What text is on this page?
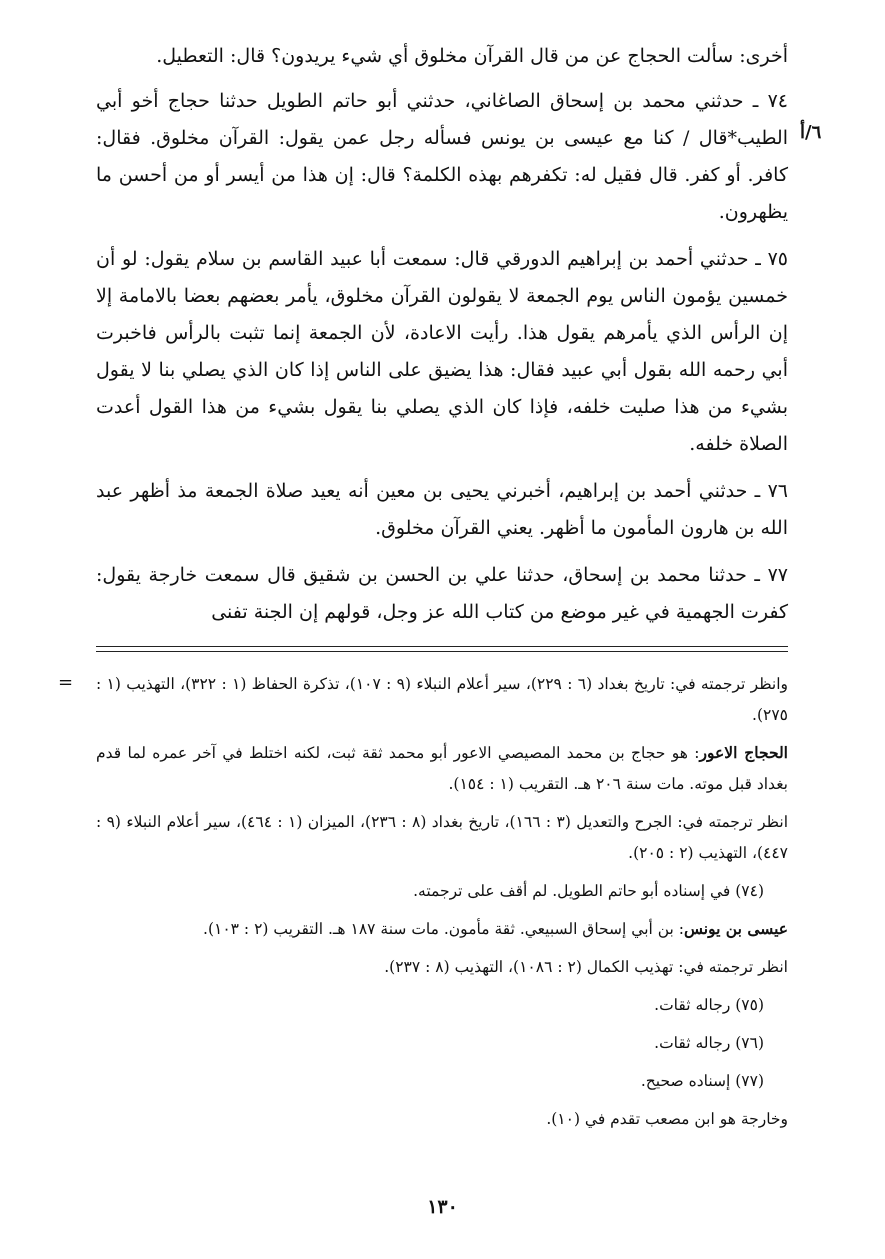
٦/أ

أخرى: سألت الحجاج عن من قال القرآن مخلوق أي شيء يريدون؟ قال: التعطيل.

٧٤ ـ حدثني محمد بن إسحاق الصاغاني، حدثني أبو حاتم الطويل حدثنا حجاج أخو أبي الطيب*قال / كنا مع عيسى بن يونس فسأله رجل عمن يقول: القرآن مخلوق. فقال: كافر. أو كفر. قال فقيل له: تكفرهم بهذه الكلمة؟ قال: إن هذا من أيسر أو من أحسن ما يظهرون.

٧٥ ـ حدثني أحمد بن إبراهيم الدورقي قال: سمعت أبا عبيد القاسم بن سلام يقول: لو أن خمسين يؤمون الناس يوم الجمعة لا يقولون القرآن مخلوق، يأمر بعضهم بعضا بالامامة إلا إن الرأس الذي يأمرهم يقول هذا. رأيت الاعادة، لأن الجمعة إنما تثبت بالرأس فاخبرت أبي رحمه الله بقول أبي عبيد فقال: هذا يضيق على الناس إذا كان الذي يصلي بنا لا يقول بشيء من هذا صليت خلفه، فإذا كان الذي يصلي بنا يقول بشيء من هذا القول أعدت الصلاة خلفه.

٧٦ ـ حدثني أحمد بن إبراهيم، أخبرني يحيى بن معين أنه يعيد صلاة الجمعة مذ أظهر عبد الله بن هارون المأمون ما أظهر. يعني القرآن مخلوق.

٧٧ ـ حدثنا محمد بن إسحاق، حدثنا علي بن الحسن بن شقيق قال سمعت خارجة يقول: كفرت الجهمية في غير موضع من كتاب الله عز وجل، قولهم إن الجنة تفنى

= وانظر ترجمته في: تاريخ بغداد (٦ : ٢٢٩)، سير أعلام النبلاء (٩ : ١٠٧)، تذكرة الحفاظ (١ : ٣٢٢)، التهذيب (١ : ٢٧٥).

الحجاج الاعور: هو حجاج بن محمد المصيصي الاعور أبو محمد ثقة ثبت، لكنه اختلط في آخر عمره لما قدم بغداد قبل موته. مات سنة ٢٠٦ هـ. التقريب (١ : ١٥٤).

انظر ترجمته في: الجرح والتعديل (٣ : ١٦٦)، تاريخ بغداد (٨ : ٢٣٦)، الميزان (١ : ٤٦٤)، سير أعلام النبلاء (٩ : ٤٤٧)، التهذيب (٢ : ٢٠٥).

(٧٤) في إسناده أبو حاتم الطويل. لم أقف على ترجمته.

عيسى بن يونس: بن أبي إسحاق السبيعي. ثقة مأمون. مات سنة ١٨٧ هـ. التقريب (٢ : ١٠٣).

انظر ترجمته في: تهذيب الكمال (٢ : ١٠٨٦)، التهذيب (٨ : ٢٣٧).

(٧٥) رجاله ثقات.

(٧٦) رجاله ثقات.

(٧٧) إسناده صحيح.

وخارجة هو ابن مصعب تقدم في (١٠).

١٣٠
